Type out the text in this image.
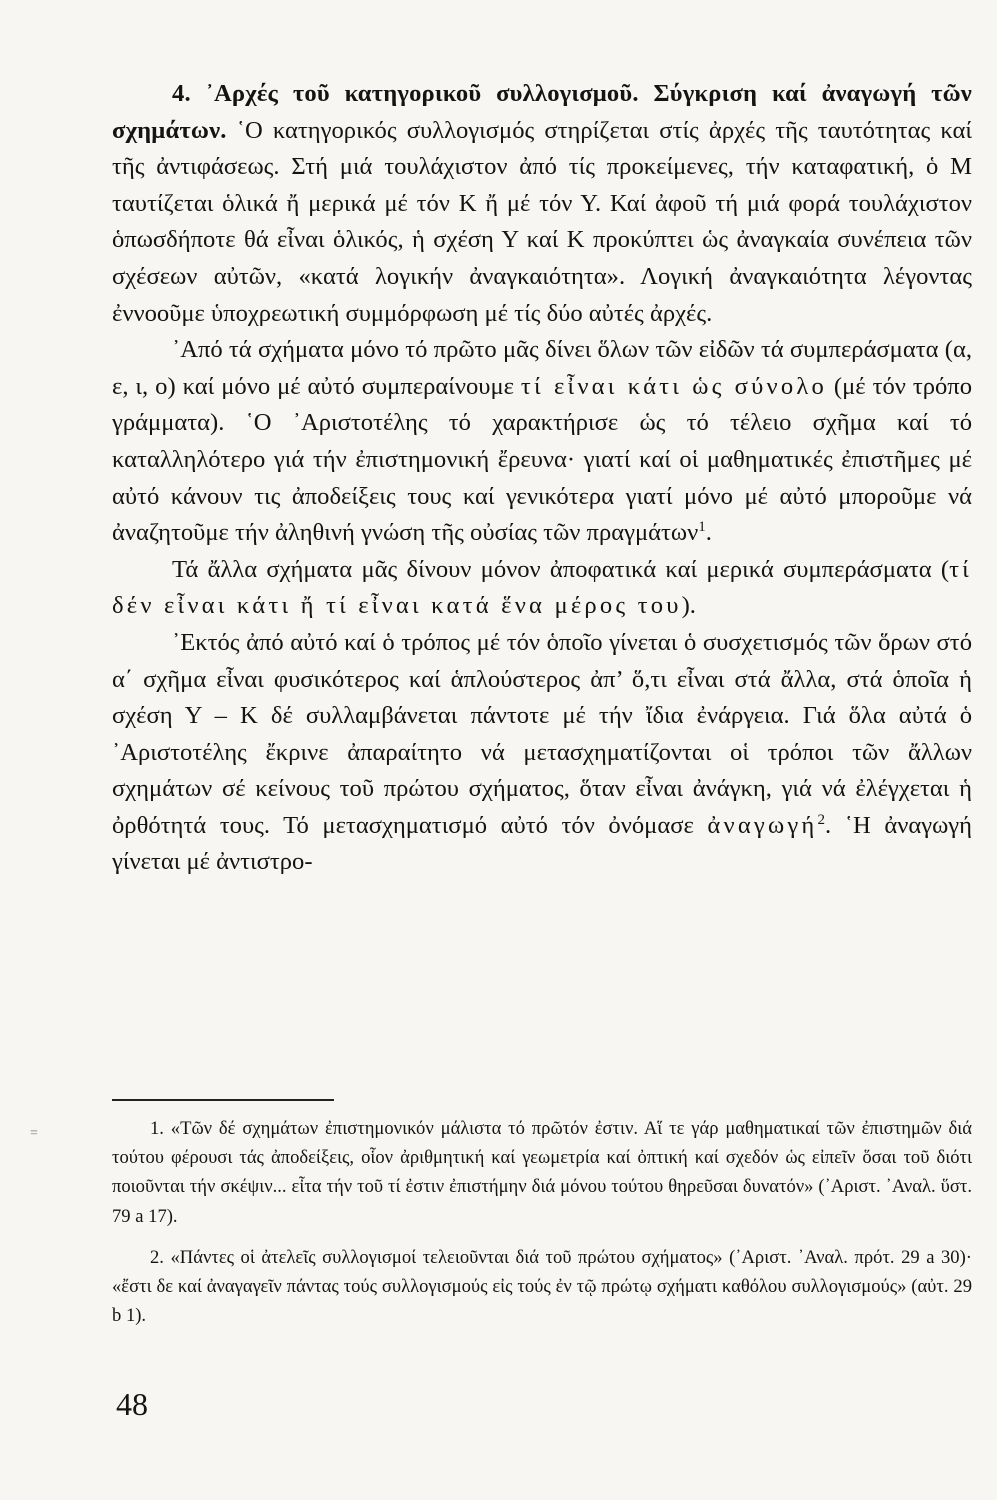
4. ᾿Αρχές τοῦ κατηγορικοῦ συλλογισμοῦ. Σύγκριση καί ἀναγωγή τῶν σχημάτων. ῾Ο κατηγορικός συλλογισμός στηρίζεται στίς ἀρχές τῆς ταυτότητας καί τῆς ἀντιφάσεως. Στή μιά τουλάχιστον ἀπό τίς προκείμενες, τήν καταφατική, ὁ Μ ταυτίζεται ὁλικά ἤ μερικά μέ τόν Κ ἤ μέ τόν Υ. Καί ἀφοῦ τή μιά φορά τουλάχιστον ὁπωσδήποτε θά εἶναι ὁλικός, ἡ σχέση Υ καί Κ προκύπτει ὡς ἀναγκαία συνέπεια τῶν σχέσεων αὐτῶν, «κατά λογικήν ἀναγκαιότητα». Λογική ἀναγκαιότητα λέγοντας ἐννοοῦμε ὑποχρεωτική συμμόρφωση μέ τίς δύο αὐτές ἀρχές.

᾿Από τά σχήματα μόνο τό πρῶτο μᾶς δίνει ὅλων τῶν εἰδῶν τά συμπεράσματα (α, ε, ι, ο) καί μόνο μέ αὐτό συμπεραίνουμε τί εἶναι κάτι ὡς σύνολο (μέ τόν τρόπο γράμματα). ῾Ο ᾿Αριστοτέλης τό χαρακτήρισε ὡς τό τέλειο σχῆμα καί τό καταλληλότερο γιά τήν ἐπιστημονική ἔρευνα· γιατί καί οἱ μαθηματικές ἐπιστῆμες μέ αὐτό κάνουν τις ἀποδείξεις τους καί γενικότερα γιατί μόνο μέ αὐτό μποροῦμε νά ἀναζητοῦμε τήν ἀληθινή γνώση τῆς οὐσίας τῶν πραγμάτων$^1$.

Τά ἄλλα σχήματα μᾶς δίνουν μόνον ἀποφατικά καί μερικά συμπεράσματα (τί δέν εἶναι κάτι ἤ τί εἶναι κατά ἕνα μέρος του).

᾿Εκτός ἀπό αὐτό καί ὁ τρόπος μέ τόν ὁποῖο γίνεται ὁ συσχετισμός τῶν ὅρων στό α΄ σχῆμα εἶναι φυσικότερος καί ἁπλούστερος ἀπ’ ὅ,τι εἶναι στά ἄλλα, στά ὁποῖα ἡ σχέση Υ – Κ δέ συλλαμβάνεται πάντοτε μέ τήν ἴδια ἐνάργεια. Γιά ὅλα αὐτά ὁ ᾿Αριστοτέλης ἔκρινε ἀπαραίτητο νά μετασχηματίζονται οἱ τρόποι τῶν ἄλλων σχημάτων σέ κείνους τοῦ πρώτου σχήματος, ὅταν εἶναι ἀνάγκη, γιά νά ἐλέγχεται ἡ ὀρθότητά τους. Τό μετασχηματισμό αὐτό τόν ὀνόμασε ἀναγωγή$^2$. ῾Η ἀναγωγή γίνεται μέ ἀντιστρο-

1. «Τῶν δέ σχημάτων ἐπιστημονικόν μάλιστα τό πρῶτόν ἐστιν. Αἵ τε γάρ μαθηματικαί τῶν ἐπιστημῶν διά τούτου φέρουσι τάς ἀποδείξεις, οἷον ἀριθμητική καί γεωμετρία καί ὀπτική καί σχεδόν ὡς εἰπεῖν ὅσαι τοῦ διότι ποιοῦνται τήν σκέψιν... εἶτα τήν τοῦ τί ἐστιν ἐπιστήμην διά μόνου τούτου θηρεῦσαι δυνατόν» (᾿Αριστ. ᾿Αναλ. ὕστ. 79 a 17).

2. «Πάντες οἱ ἀτελεῖς συλλογισμοί τελειοῦνται διά τοῦ πρώτου σχήματος» (᾿Αριστ. ᾿Αναλ. πρότ. 29 a 30)· «ἔστι δε καί ἀναγαγεῖν πάντας τούς συλλογισμούς εἰς τούς ἐν τῷ πρώτῳ σχήματι καθόλου συλλογισμούς» (αὐτ. 29 b 1).

=
48
